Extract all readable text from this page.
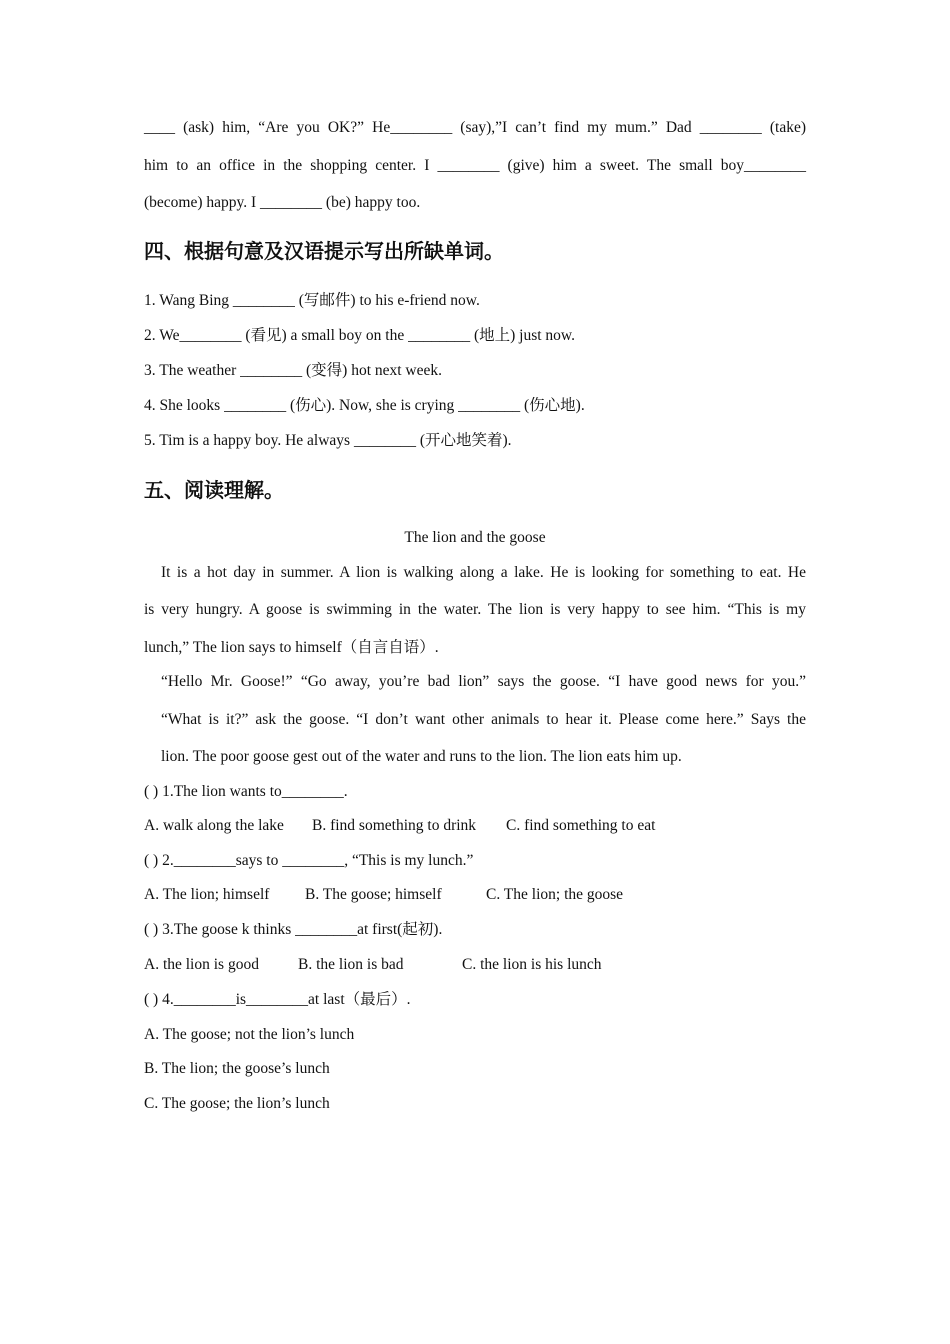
____ (ask) him, “Are you OK?” He________ (say),”I can’t find my mum.” Dad ________ (take)
him to an office in the shopping center. I ________ (give) him a sweet. The small boy________
(become) happy. I ________ (be) happy too.
四、根据句意及汉语提示写出所缺单词。
1. Wang Bing ________ (写邮件) to his e-friend now.
2. We________ (看见) a small boy on the ________ (地上) just now.
3. The weather ________ (变得) hot next week.
4. She looks ________ (伤心). Now, she is crying ________ (伤心地).
5. Tim is a happy boy. He always ________ (开心地笑着).
五、阅读理解。
The lion and the goose
It is a hot day in summer. A lion is walking along a lake. He is looking for something to eat. He
is very hungry. A goose is swimming in the water. The lion is very happy to see him. “This is my
lunch,” The lion says to himself（自言自语）.
“Hello Mr. Goose!” “Go away, you’re bad lion” says the goose. “I have good news for you.”
“What is it?” ask the goose. “I don’t want other animals to hear it. Please come here.” Says the
lion. The poor goose gest out of the water and runs to the lion. The lion eats him up.
( ) 1.The lion wants to________.
A. walk along the lake	B. find something to drink	C. find something to eat
( ) 2.________says to ________, “This is my lunch.”
A. The lion; himself	B. The goose; himself	C. The lion; the goose
( ) 3.The goose k thinks ________at first(起初).
A. the lion is good	B. the lion is bad	C. the lion is his lunch
( ) 4.________is________at last（最后）.
A. The goose; not the lion’s lunch
B. The lion; the goose’s lunch
C. The goose; the lion’s lunch
